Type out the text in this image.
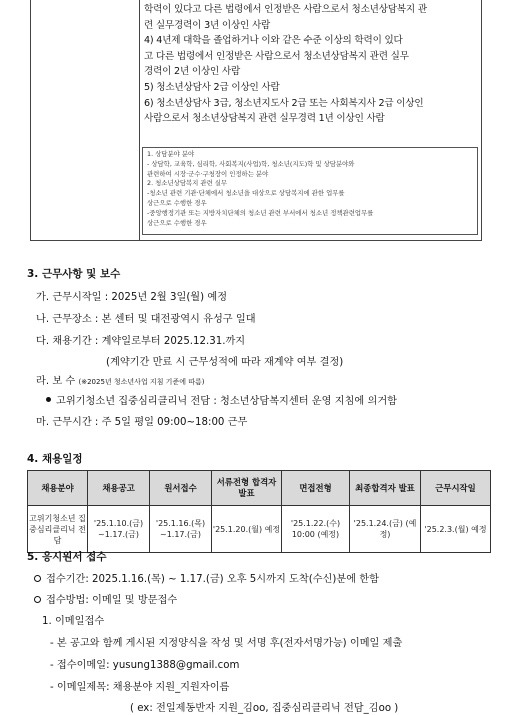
학력이 있다고 다른 법령에서 인정받은 사람으로서 청소년상담복지 관
련 실무경력이 3년 이상인 사람
4) 4년제 대학을 졸업하거나 이와 같은 수준 이상의 학력이 있다
고 다른 법령에서 인정받은 사람으로서 청소년상담복지 관련 실무
경력이 2년 이상인 사람
5) 청소년상담사 2급 이상인 사람
6) 청소년상담사 3급, 청소년지도사 2급 또는 사회복지사 2급 이상인
사람으로서 청소년상담복지 관련 실무경력 1년 이상인 사람
1. 상담분야 분야
- 상담학, 교육학, 심리학, 사회복지(사업)학, 청소년(지도)학 및 상담분야와
관련하여 시장·군수·구청장이 인정하는 분야
2. 청소년상담복지 관련 실무
-청소년 관련 기관·단체에서 청소년을 대상으로 상담복지에 관한 업무를
상근으로 수행한 경우
-중앙행정기관 또는 지방자치단체의 청소년 관련 부서에서 청소년 정책관련업무를
상근으로 수행한 경우
3. 근무사항 및 보수
가. 근무시작일 : 2025년 2월 3일(월) 예정
나. 근무장소 : 본 센터 및 대전광역시 유성구 일대
다. 채용기간 : 계약일로부터 2025.12.31.까지
(계약기간 만료 시 근무성적에 따라 재계약 여부 결정)
라. 보 수 (※2025년 청소년사업 지침 기준에 따름)
고위기청소년 집중심리클리닉 전담 : 청소년상담복지센터 운영 지침에 의거함
마. 근무시간 : 주 5일 평일 09:00~18:00 근무
4. 채용일정
채용분야	채용공고	원서접수	서류전형 합격자 발표	면접전형	최종합격자 발표	근무시작일
고위기청소년 집중심리클리닉 전담	'25.1.10.(금) ~1.17.(금)	'25.1.16.(목) ~1.17.(금)	'25.1.20.(월) 예정	'25.1.22.(수) 10:00 (예정)	'25.1.24.(금) (예정)	'25.2.3.(월) 예정
5. 응시원서 접수
접수기간: 2025.1.16.(목) ~ 1.17.(금) 오후 5시까지 도착(수신)분에 한함
접수방법: 이메일 및 방문접수
1. 이메일접수
- 본 공고와 함께 게시된 지정양식을 작성 및 서명 후(전자서명가능) 이메일 제출
- 접수이메일: yusung1388@gmail.com
- 이메일제목: 채용분야 지원_지원자이름
( ex: 전일제동반자 지원_김oo, 집중심리클리닉 전담_김oo )
